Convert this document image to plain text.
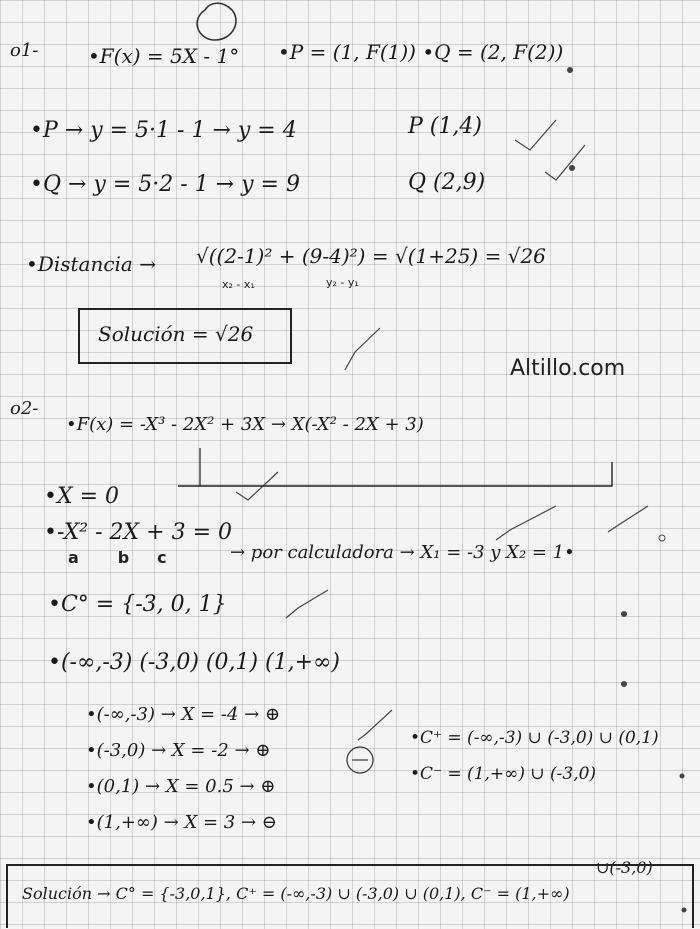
o1- •F(x) = 5X - 1° •P = (1, F(1)) •Q = (2, F(2))
•P → y = 5·1 - 1 → y = 4	P (1,4)
•Q → y = 5·2 - 1 → y = 9	Q (2,9)
•Distancia → √((2-1)² + (9-4)²) = √(1+25) = √26
x₂ - x₁	y₂ - y₁
Solución = √26
Altillo.com
o2-
•F(x) = -X³ - 2X² + 3X → X(-X² - 2X + 3)
•X = 0
•-X² - 2X + 3 = 0
a       b     c	→ por calculadora → X₁ = -3 y X₂ = 1•
•C° = {-3, 0, 1}
•(-∞,-3) (-3,0) (0,1) (1,+∞)
•(-∞,-3) → X = -4 → ⊕
•(-3,0) → X = -2 → ⊕
•(0,1) → X = 0.5 → ⊕
•(1,+∞) → X = 3 → ⊖
•C⁺ = (-∞,-3) ∪ (-3,0) ∪ (0,1)
•C⁻ = (1,+∞) ∪ (-3,0)
∪(-3,0)
Solución → C° = {-3,0,1}, C⁺ = (-∞,-3) ∪ (-3,0) ∪ (0,1), C⁻ = (1,+∞)
